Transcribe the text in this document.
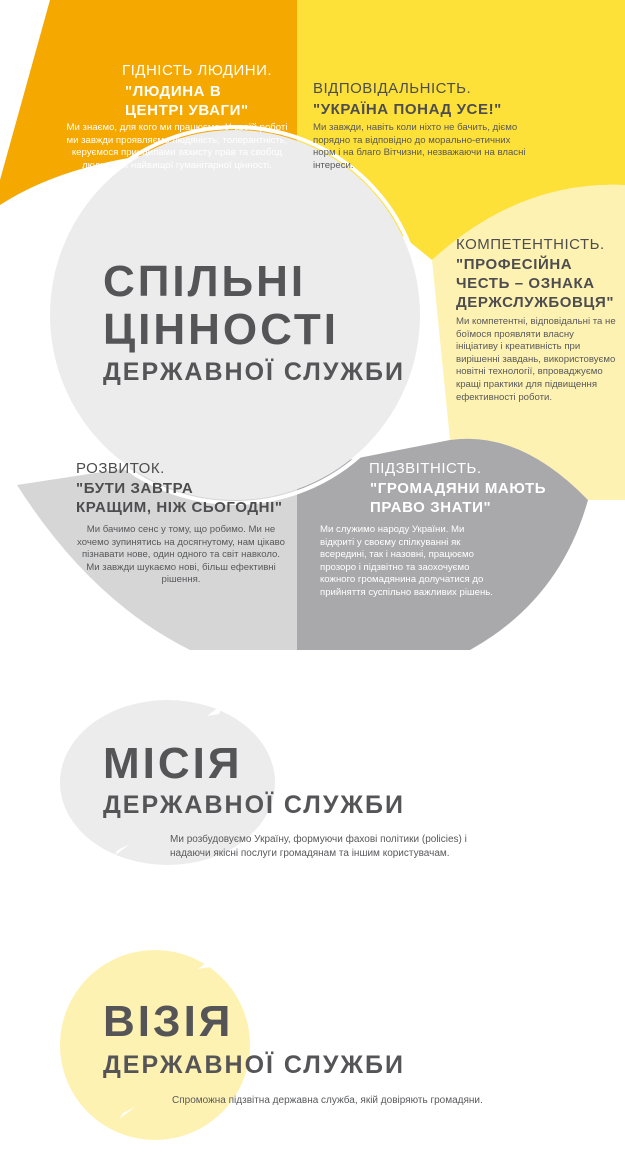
ГІДНІСТЬ ЛЮДИНИ.
"ЛЮДИНА В
ЦЕНТРІ УВАГИ"
Ми знаємо, для кого ми працюємо. У своїй роботі ми завжди проявляємо людяність, толерантність, керуємося принципами захисту прав та свобод людини як найвищої гуманітарної цінності.
ВІДПОВІДАЛЬНІСТЬ.
"УКРАЇНА ПОНАД УСЕ!"
Ми завжди, навіть коли ніхто не бачить, діємо порядно та відповідно до морально-етичних норм і на благо Вітчизни, незважаючи на власні інтереси.
КОМПЕТЕНТНІСТЬ.
"ПРОФЕСІЙНА
ЧЕСТЬ – ОЗНАКА
ДЕРЖСЛУЖБОВЦЯ"
Ми компетентні, відповідальні та не боїмося проявляти власну ініціативу і креативність при вирішенні завдань, використовуємо новітні технології, впроваджуємо кращі практики для підвищення ефективності роботи.
ПІДЗВІТНІСТЬ.
"ГРОМАДЯНИ МАЮТЬ
ПРАВО ЗНАТИ"
Ми служимо народу України. Ми відкриті у своєму спілкуванні як всередині, так і назовні, працюємо прозоро і підзвітно та заохочуємо кожного громадянина долучатися до прийняття суспільно важливих рішень.
РОЗВИТОК.
"БУТИ ЗАВТРА
КРАЩИМ, НІЖ СЬОГОДНІ"
Ми бачимо сенс у тому, що робимо. Ми не хочемо зупинятись на досягнутому, нам цікаво пізнавати нове, один одного та світ навколо. Ми завжди шукаємо нові, більш ефективні рішення.
СПІЛЬНІ
ЦІННОСТІ
ДЕРЖАВНОЇ СЛУЖБИ
МІСІЯ
ДЕРЖАВНОЇ СЛУЖБИ
Ми розбудовуємо Україну, формуючи фахові політики (policies) і
надаючи якісні послуги громадянам та іншим користувачам.
ВІЗІЯ
ДЕРЖАВНОЇ СЛУЖБИ
Спроможна підзвітна державна служба, якій довіряють громадяни.
